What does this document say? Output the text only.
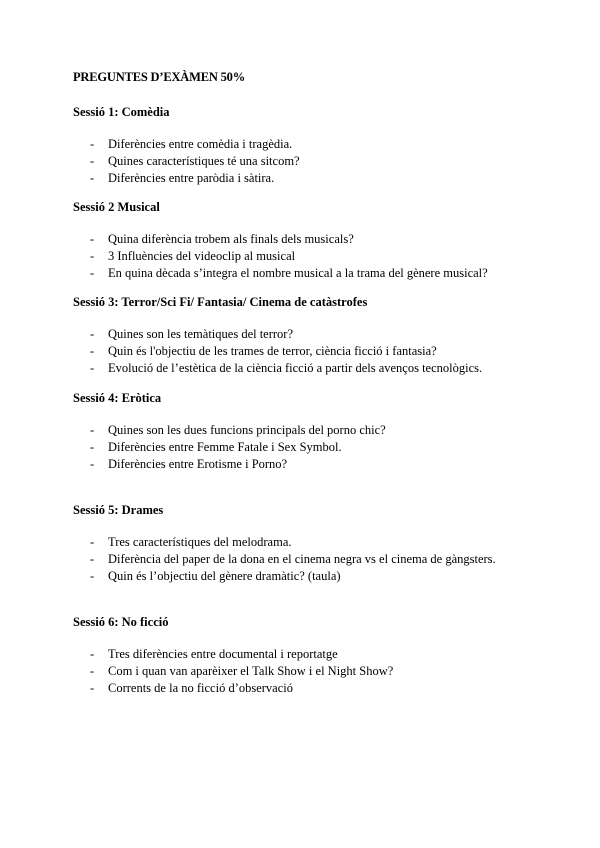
PREGUNTES D’EXÀMEN 50%
Sessió 1: Comèdia
- Diferències entre comèdia i tragèdia.
- Quines característiques té una sitcom?
- Diferències entre paròdia i sàtira.
Sessió 2 Musical
- Quina diferència trobem als finals dels musicals?
- 3 Influències del videoclip al musical
- En quina dècada s’integra el nombre musical a la trama del gènere musical?
Sessió 3: Terror/Sci Fi/ Fantasia/ Cinema de catàstrofes
- Quines son les temàtiques del terror?
- Quin és l'objectiu de les trames de terror, ciència ficció i fantasia?
- Evolució de l’estètica de la ciència ficció a partir dels avenços tecnològics.
Sessió 4: Eròtica
- Quines son les dues funcions principals del porno chic?
- Diferències entre Femme Fatale i Sex Symbol.
- Diferències entre Erotisme i Porno?
Sessió 5: Drames
- Tres característiques del melodrama.
- Diferència del paper de la dona en el cinema negra vs el cinema de gàngsters.
- Quin és l’objectiu del gènere dramàtic? (taula)
Sessió 6: No ficció
- Tres diferències entre documental i reportatge
- Com i quan van aparèixer el Talk Show i el Night Show?
- Corrents de la no ficció d’observació
